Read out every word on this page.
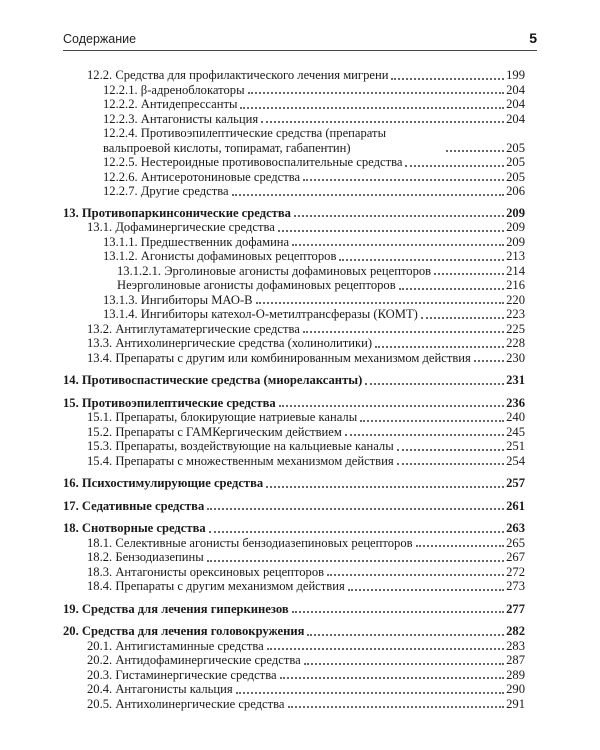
Содержание	5
12.2. Средства для профилактического лечения мигрени	199
12.2.1. β-адреноблокаторы	204
12.2.2. Антидепрессанты	204
12.2.3. Антагонисты кальция	204
12.2.4. Противоэпилептические средства (препараты вальпроевой кислоты, топирамат, габапентин)	205
12.2.5. Нестероидные противовоспалительные средства	205
12.2.6. Антисеротониновые средства	205
12.2.7. Другие средства	206
13. Противопаркинсонические средства	209
13.1. Дофаминергические средства	209
13.1.1. Предшественник дофамина	209
13.1.2. Агонисты дофаминовых рецепторов	213
13.1.2.1. Эрголиновые агонисты дофаминовых рецепторов	214
Неэрголиновые агонисты дофаминовых рецепторов	216
13.1.3. Ингибиторы МАО-В	220
13.1.4. Ингибиторы катехол-О-метилтрансферазы (КОМТ)	223
13.2. Антиглутаматергические средства	225
13.3. Антихолинергические средства (холинолитики)	228
13.4. Препараты с другим или комбинированным механизмом действия	230
14. Противоспастические средства (миорелаксанты)	231
15. Противоэпилептические средства	236
15.1. Препараты, блокирующие натриевые каналы	240
15.2. Препараты с ГАМКергическим действием	245
15.3. Препараты, воздействующие на кальциевые каналы	251
15.4. Препараты с множественным механизмом действия	254
16. Психостимулирующие средства	257
17. Седативные средства	261
18. Снотворные средства	263
18.1. Селективные агонисты бензодиазепиновых рецепторов	265
18.2. Бензодиазепины	267
18.3. Антагонисты орексиновых рецепторов	272
18.4. Препараты с другим механизмом действия	273
19. Средства для лечения гиперкинезов	277
20. Средства для лечения головокружения	282
20.1. Антигистаминные средства	283
20.2. Антидофаминергические средства	287
20.3. Гистаминергические средства	289
20.4. Антагонисты кальция	290
20.5. Антихолинергические средства	291
